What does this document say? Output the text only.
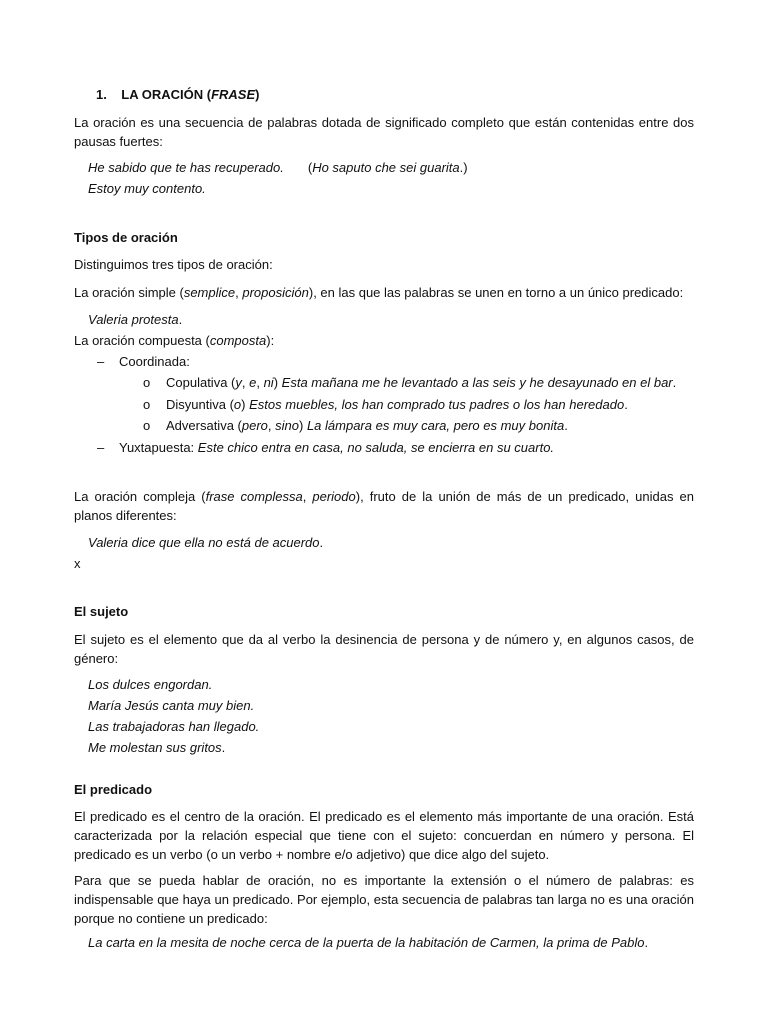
1. LA ORACIÓN (FRASE)

La oración es una secuencia de palabras dotada de significado completo que están contenidas entre dos pausas fuertes:

He sabido que te has recuperado. (Ho saputo che sei guarita.)
Estoy muy contento.
Tipos de oración

Distinguimos tres tipos de oración:

La oración simple (semplice, proposición), en las que las palabras se unen en torno a un único predicado:

Valeria protesta.

La oración compuesta (composta):

– Coordinada:
o Copulativa (y, e, ni) Esta mañana me he levantado a las seis y he desayunado en el bar.
o Disyuntiva (o) Estos muebles, los han comprado tus padres o los han heredado.
o Adversativa (pero, sino) La lámpara es muy cara, pero es muy bonita.
– Yuxtapuesta: Este chico entra en casa, no saluda, se encierra en su cuarto.

La oración compleja (frase complessa, periodo), fruto de la unión de más de un predicado, unidas en planos diferentes:

Valeria dice que ella no está de acuerdo.

x

El sujeto

El sujeto es el elemento que da al verbo la desinencia de persona y de número y, en algunos casos, de género:

Los dulces engordan.
María Jesús canta muy bien.
Las trabajadoras han llegado.
Me molestan sus gritos.
El predicado

El predicado es el centro de la oración. El predicado es el elemento más importante de una oración. Está caracterizada por la relación especial que tiene con el sujeto: concuerdan en número y persona. El predicado es un verbo (o un verbo + nombre e/o adjetivo) que dice algo del sujeto.

Para que se pueda hablar de oración, no es importante la extensión o el número de palabras: es indispensable que haya un predicado. Por ejemplo, esta secuencia de palabras tan larga no es una oración porque no contiene un predicado:

La carta en la mesita de noche cerca de la puerta de la habitación de Carmen, la prima de Pablo.
